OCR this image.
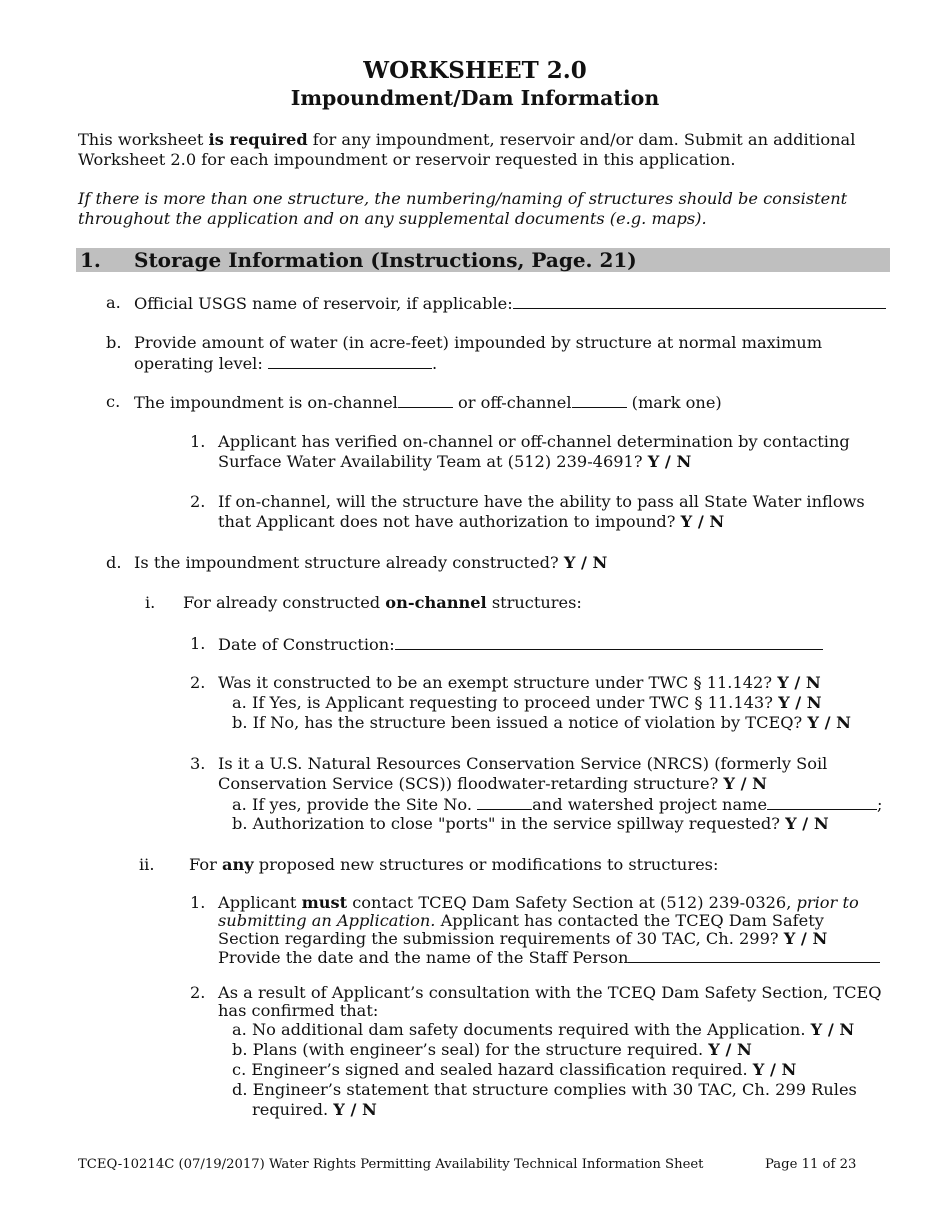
WORKSHEET 2.0
Impoundment/Dam Information
This worksheet is required for any impoundment, reservoir and/or dam. Submit an additional Worksheet 2.0 for each impoundment or reservoir requested in this application.
If there is more than one structure, the numbering/naming of structures should be consistent throughout the application and on any supplemental documents (e.g. maps).
1. Storage Information (Instructions, Page. 21)
a. Official USGS name of reservoir, if applicable:
b. Provide amount of water (in acre-feet) impounded by structure at normal maximum
operating level:	.
c. The impoundment is on-channel	or off-channel	(mark one)
1. Applicant has verified on-channel or off-channel determination by contacting
Surface Water Availability Team at (512) 239-4691? Y / N
2. If on-channel, will the structure have the ability to pass all State Water inflows
that Applicant does not have authorization to impound? Y / N
d. Is the impoundment structure already constructed? Y / N
i. For already constructed on-channel structures:
1. Date of Construction:
2. Was it constructed to be an exempt structure under TWC § 11.142? Y / N
a. If Yes, is Applicant requesting to proceed under TWC § 11.143? Y / N
b. If No, has the structure been issued a notice of violation by TCEQ? Y / N
3. Is it a U.S. Natural Resources Conservation Service (NRCS) (formerly Soil
Conservation Service (SCS)) floodwater-retarding structure? Y / N
a. If yes, provide the Site No.	and watershed project name	;
b. Authorization to close "ports" in the service spillway requested? Y / N
ii. For any proposed new structures or modifications to structures:
1. Applicant must contact TCEQ Dam Safety Section at (512) 239-0326, prior to
submitting an Application. Applicant has contacted the TCEQ Dam Safety
Section regarding the submission requirements of 30 TAC, Ch. 299? Y / N
Provide the date and the name of the Staff Person
2. As a result of Applicant’s consultation with the TCEQ Dam Safety Section, TCEQ
has confirmed that:
a. No additional dam safety documents required with the Application. Y / N
b. Plans (with engineer’s seal) for the structure required. Y / N
c. Engineer’s signed and sealed hazard classification required. Y / N
d. Engineer’s statement that structure complies with 30 TAC, Ch. 299 Rules
required. Y / N
TCEQ-10214C (07/19/2017) Water Rights Permitting Availability Technical Information Sheet	Page 11 of 23
